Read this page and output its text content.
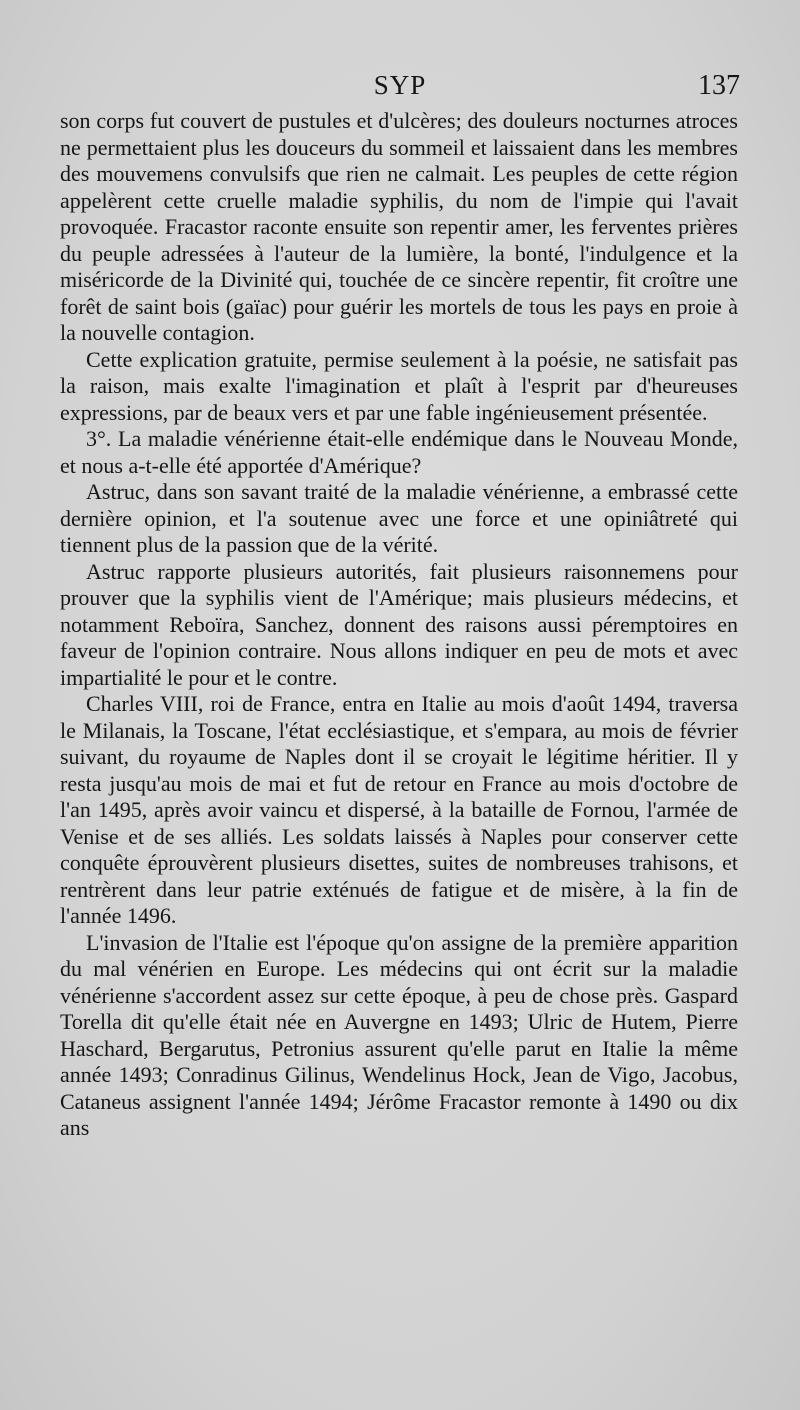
SYP	137

son corps fut couvert de pustules et d'ulcères; des douleurs nocturnes atroces ne permettaient plus les douceurs du sommeil et laissaient dans les membres des mouvemens convulsifs que rien ne calmait. Les peuples de cette région appelèrent cette cruelle maladie syphilis, du nom de l'impie qui l'avait provoquée. Fracastor raconte ensuite son repentir amer, les ferventes prières du peuple adressées à l'auteur de la lumière, la bonté, l'indulgence et la miséricorde de la Divinité qui, touchée de ce sincère repentir, fit croître une forêt de saint bois (gaïac) pour guérir les mortels de tous les pays en proie à la nouvelle contagion.

Cette explication gratuite, permise seulement à la poésie, ne satisfait pas la raison, mais exalte l'imagination et plaît à l'esprit par d'heureuses expressions, par de beaux vers et par une fable ingénieusement présentée.

3°. La maladie vénérienne était-elle endémique dans le Nouveau Monde, et nous a-t-elle été apportée d'Amérique?

Astruc, dans son savant traité de la maladie vénérienne, a embrassé cette dernière opinion, et l'a soutenue avec une force et une opiniâtreté qui tiennent plus de la passion que de la vérité.

Astruc rapporte plusieurs autorités, fait plusieurs raisonnemens pour prouver que la syphilis vient de l'Amérique; mais plusieurs médecins, et notamment Reboïra, Sanchez, donnent des raisons aussi péremptoires en faveur de l'opinion contraire. Nous allons indiquer en peu de mots et avec impartialité le pour et le contre.

Charles VIII, roi de France, entra en Italie au mois d'août 1494, traversa le Milanais, la Toscane, l'état ecclésiastique, et s'empara, au mois de février suivant, du royaume de Naples dont il se croyait le légitime héritier. Il y resta jusqu'au mois de mai et fut de retour en France au mois d'octobre de l'an 1495, après avoir vaincu et dispersé, à la bataille de Fornou, l'armée de Venise et de ses alliés. Les soldats laissés à Naples pour conserver cette conquête éprouvèrent plusieurs disettes, suites de nombreuses trahisons, et rentrèrent dans leur patrie exténués de fatigue et de misère, à la fin de l'année 1496.

L'invasion de l'Italie est l'époque qu'on assigne de la première apparition du mal vénérien en Europe. Les médecins qui ont écrit sur la maladie vénérienne s'accordent assez sur cette époque, à peu de chose près. Gaspard Torella dit qu'elle était née en Auvergne en 1493; Ulric de Hutem, Pierre Haschard, Bergarutus, Petronius assurent qu'elle parut en Italie la même année 1493; Conradinus Gilinus, Wendelinus Hock, Jean de Vigo, Jacobus, Cataneus assignent l'année 1494; Jérôme Fracastor remonte à 1490 ou dix ans
